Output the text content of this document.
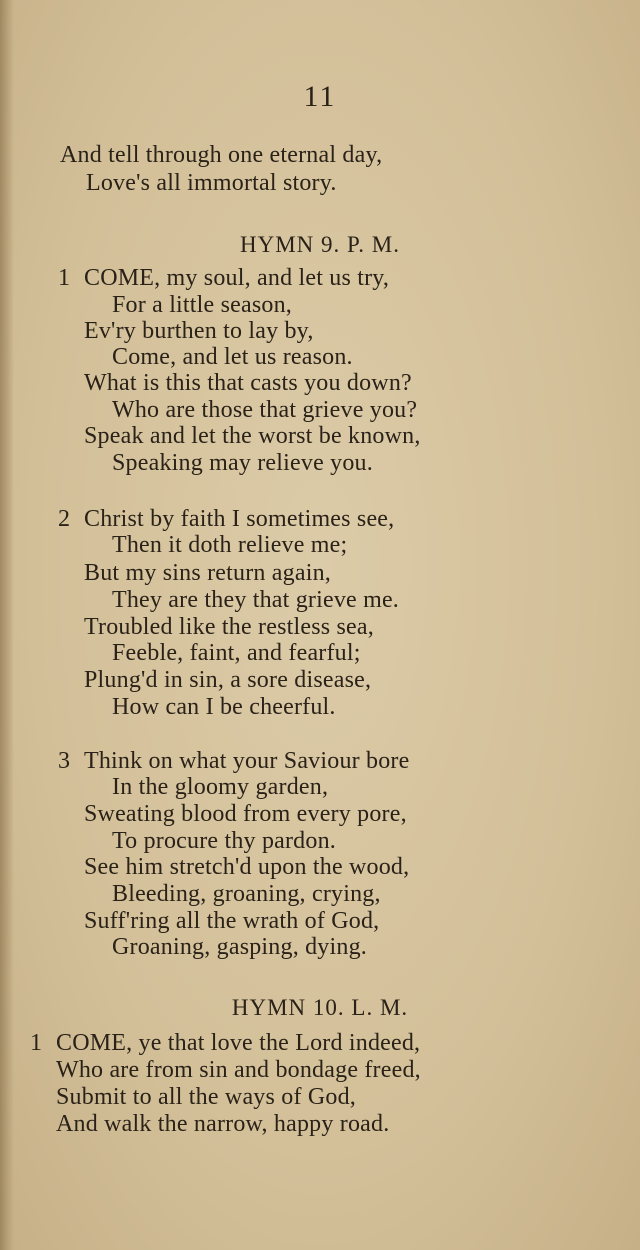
11
And tell through one eternal day,
Love's all immortal story.
HYMN 9. P. M.
1 COME, my soul, and let us try,
For a little season,
Ev'ry burthen to lay by,
Come, and let us reason.
What is this that casts you down?
Who are those that grieve you?
Speak and let the worst be known,
Speaking may relieve you.
2 Christ by faith I sometimes see,
Then it doth relieve me;
But my sins return again,
They are they that grieve me.
Troubled like the restless sea,
Feeble, faint, and fearful;
Plung'd in sin, a sore disease,
How can I be cheerful.
3 Think on what your Saviour bore
In the gloomy garden,
Sweating blood from every pore,
To procure thy pardon.
See him stretch'd upon the wood,
Bleeding, groaning, crying,
Suff'ring all the wrath of God,
Groaning, gasping, dying.
HYMN 10. L. M.
1 COME, ye that love the Lord indeed,
Who are from sin and bondage freed,
Submit to all the ways of God,
And walk the narrow, happy road.
